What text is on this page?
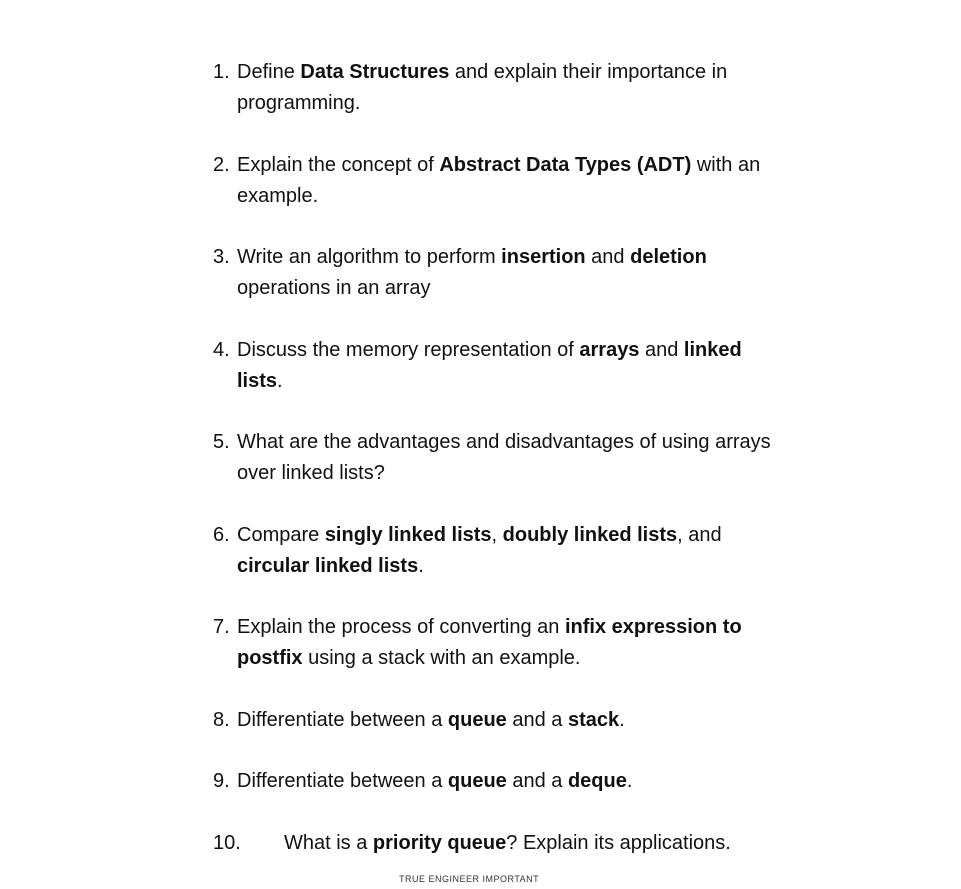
1. Define Data Structures and explain their importance in programming.
2. Explain the concept of Abstract Data Types (ADT) with an example.
3. Write an algorithm to perform insertion and deletion operations in an array
4. Discuss the memory representation of arrays and linked lists.
5. What are the advantages and disadvantages of using arrays over linked lists?
6. Compare singly linked lists, doubly linked lists, and circular linked lists.
7. Explain the process of converting an infix expression to postfix using a stack with an example.
8. Differentiate between a queue and a stack.
9. Differentiate between a queue and a deque.
10. What is a priority queue? Explain its applications.
TRUE ENGINEER IMPORTANT
